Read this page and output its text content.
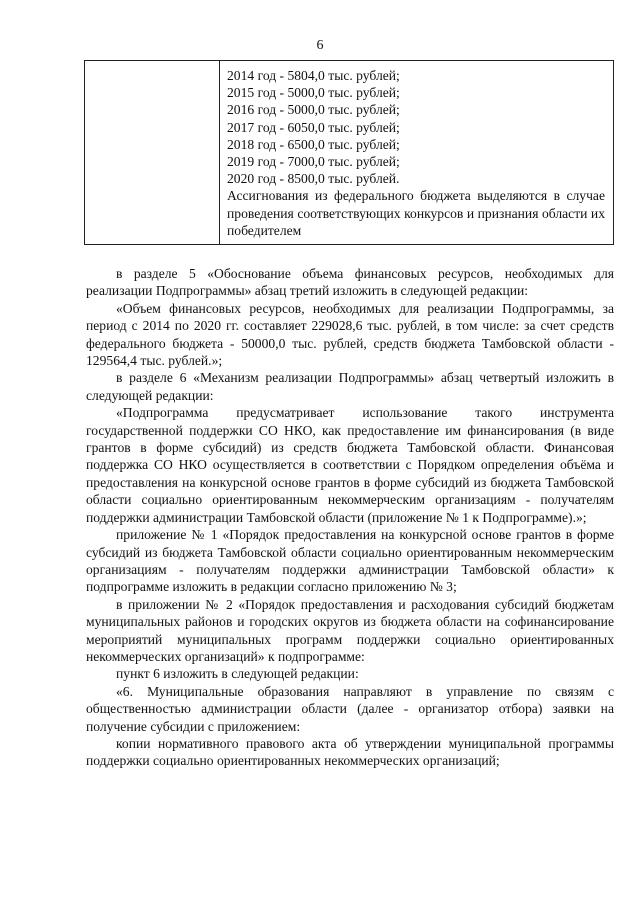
6
2014 год - 5804,0 тыс. рублей;
2015 год - 5000,0 тыс. рублей;
2016 год - 5000,0 тыс. рублей;
2017 год - 6050,0 тыс. рублей;
2018 год - 6500,0 тыс. рублей;
2019 год - 7000,0 тыс. рублей;
2020 год - 8500,0 тыс. рублей.
Ассигнования из федерального бюджета выделяются в случае проведения соответствующих конкурсов и признания области их победителем

в разделе 5 «Обоснование объема финансовых ресурсов, необходимых для реализации Подпрограммы» абзац третий изложить в следующей редакции:

«Объем финансовых ресурсов, необходимых для реализации Подпрограммы, за период с 2014 по 2020 гг. составляет 229028,6 тыс. рублей, в том числе: за счет средств федерального бюджета - 50000,0 тыс. рублей, средств бюджета Тамбовской области - 129564,4 тыс. рублей.»;

в разделе 6 «Механизм реализации Подпрограммы» абзац четвертый изложить в следующей редакции:

«Подпрограмма предусматривает использование такого инструмента государственной поддержки СО НКО, как предоставление им финансирования (в виде грантов в форме субсидий) из средств бюджета Тамбовской области. Финансовая поддержка СО НКО осуществляется в соответствии с Порядком определения объёма и предоставления на конкурсной основе грантов в форме субсидий из бюджета Тамбовской области социально ориентированным некоммерческим организациям - получателям поддержки администрации Тамбовской области (приложение № 1 к Подпрограмме).»;

приложение № 1 «Порядок предоставления на конкурсной основе грантов в форме субсидий из бюджета Тамбовской области социально ориентированным некоммерческим организациям - получателям поддержки администрации Тамбовской области» к подпрограмме изложить в редакции согласно приложению № 3;

в приложении № 2 «Порядок предоставления и расходования субсидий бюджетам муниципальных районов и городских округов из бюджета области на софинансирование мероприятий муниципальных программ поддержки социально ориентированных некоммерческих организаций» к подпрограмме:

пункт 6 изложить в следующей редакции:

«6. Муниципальные образования направляют в управление по связям с общественностью администрации области (далее - организатор отбора) заявки на получение субсидии с приложением:

копии нормативного правового акта об утверждении муниципальной программы поддержки социально ориентированных некоммерческих организаций;
